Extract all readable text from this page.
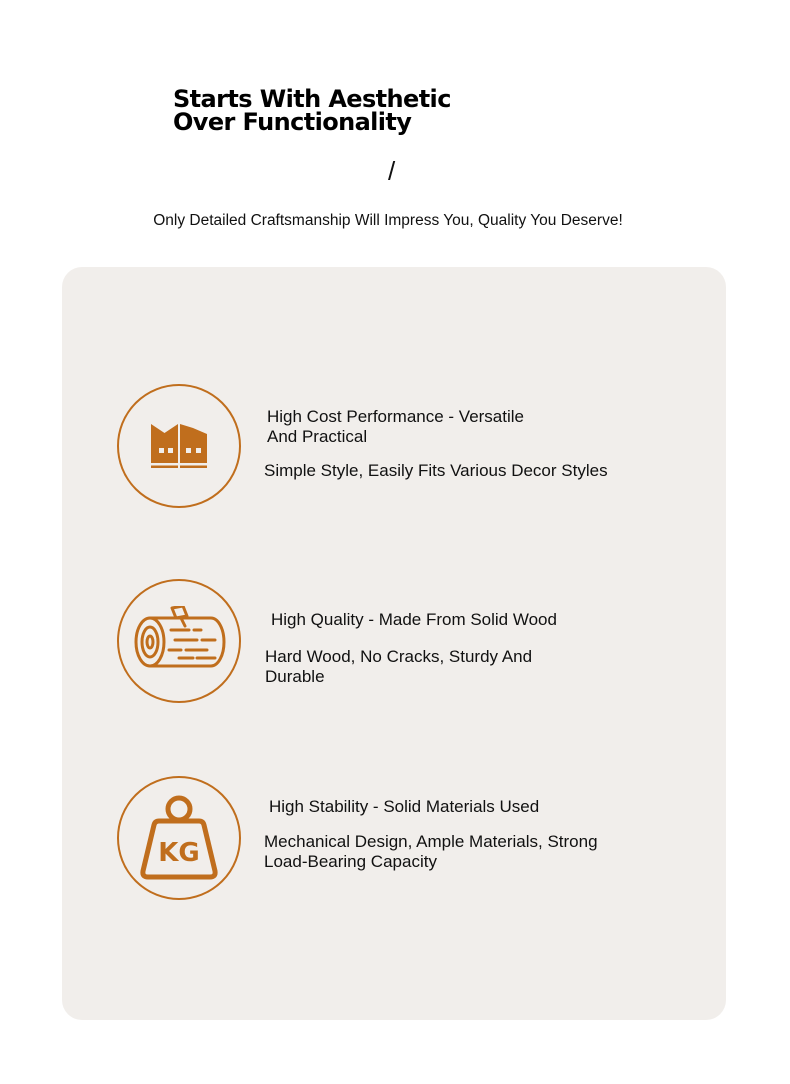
Starts With Aesthetic Over Functionality
/
Only Detailed Craftsmanship Will Impress You, Quality You Deserve!
High Cost Performance - Versatile And Practical
Simple Style, Easily Fits Various Decor Styles
High Quality - Made From Solid Wood
Hard Wood, No Cracks, Sturdy And Durable
KG
High Stability - Solid Materials Used
Mechanical Design, Ample Materials, Strong Load-Bearing Capacity
